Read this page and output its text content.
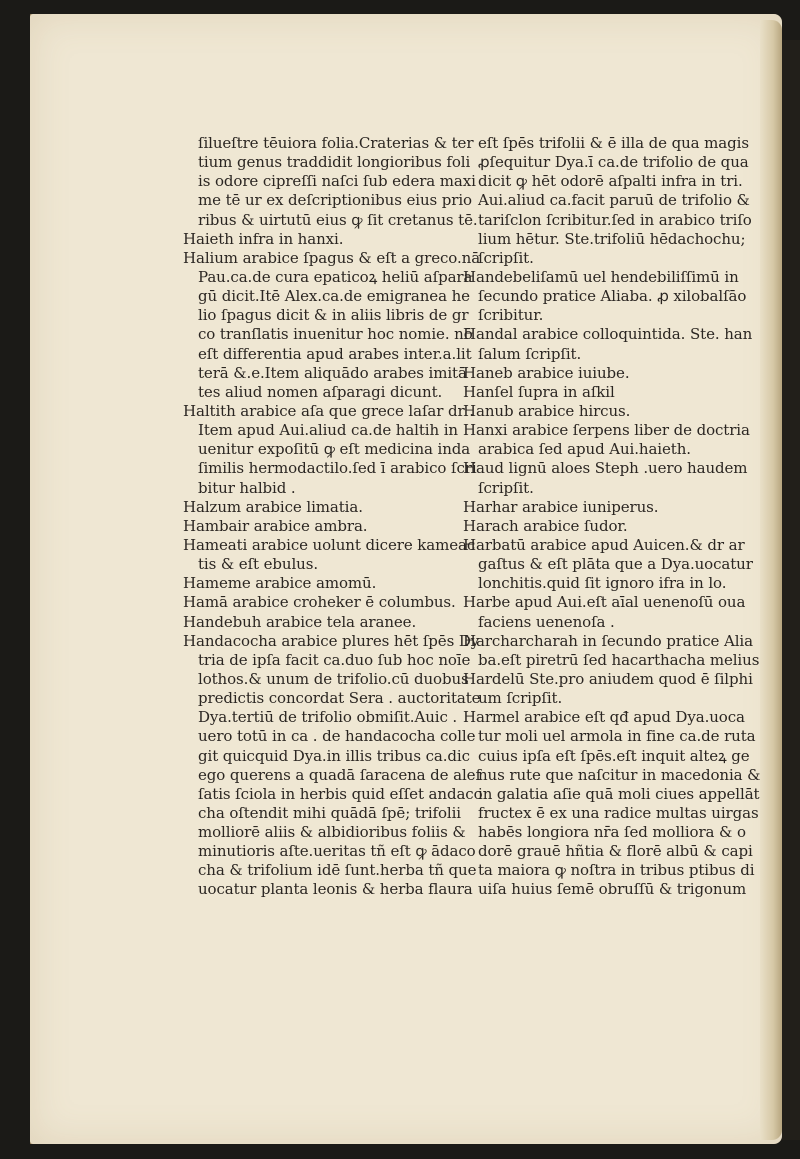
ſilueſtre tēuiora folia.Craterias & ter
tium genus traddidit longioribus foli
is odore cipreſſi naſci ſub edera maxi
me tē ur ex deſcriptionibus eius prio
ribus & uirtutū eius ꝙ ſit cretanus tē.
Haieth infra in hanxi.
Halium arabice ſpagus & eſt a greco.nā
Pau.ca.de cura epaticoꝝ heliū aſpara
gū dicit.Itē Alex.ca.de emigranea he
lio ſpagus dicit & in aliis libris de gr
co tranſlatis inuenitur hoc nomie. nō
eſt differentia apud arabes inter.a.lit
terā &.e.Item aliquādo arabes imitā
tes aliud nomen aſparagi dicunt.
Haltith arabice aſa que grece laſar dr .
Item apud Aui.aliud ca.de haltih in
uenitur expoſitū ꝙ eſt medicina inda
ſimilis hermodactilo.ſed ī arabico ſcri
bitur halbid .
Halzum arabice limatia.
Hambair arabice ambra.
Hameati arabice uolunt dicere kameac
tis & eſt ebulus.
Hameme arabice amomū.
Hamā arabice croheker ē columbus.
Handebuh arabice tela aranee.
Handacocha arabice plures hēt ſpēs Dy
tria de ipſa facit ca.duo ſub hoc noīe
lothos.& unum de trifolio.cū duobus
predictis concordat Sera . auctoritate
Dya.tertiū de trifolio obmiſit.Auic .
uero totū in ca . de handacocha colle
git quicquid Dya.in illis tribus ca.dic
ego querens a quadā ſaracena de alef
ſatis ſciola in herbis quid eſſet andaco
cha oſtendit mihi quādā ſpē; trifolii
molliorē aliis & albidioribus foliis &
minutioris aſte.ueritas tñ eſt ꝙ ādaco
cha & trifolium idē ſunt.herba tñ que
uocatur planta leonis & herba flaura
eſt ſpēs trifolii & ē illa de qua magis
ꝓſequitur Dya.ī ca.de trifolio de qua
dicit ꝙ hēt odorē aſpalti infra in tri.
Aui.aliud ca.facit paruū de trifolio &
tariſclon ſcribitur.ſed in arabico triſo
lium hētur. Ste.trifoliū hēdachochu;
ſcripſit.
Handebeliſamū uel hendebiliſſimū in
ſecundo pratice Aliaba. ꝓ xilobalſāo
ſcribitur.
Handal arabice colloquintida. Ste. han
ſalum ſcripſit.
Haneb arabice iuiube.
Hanſel ſupra in aſkil
Hanub arabice hircus.
Hanxi arabice ſerpens liber de doctria
arabica ſed apud Aui.haieth.
Haud lignū aloes Steph .uero haudem
ſcripſit.
Harhar arabice iuniperus.
Harach arabice ſudor.
Harbatū arabice apud Auicen.& dr ar
gaſtus & eſt plāta que a Dya.uocatur
lonchitis.quid ſit ignoro ifra in lo.
Harbe apud Aui.eſt aīal uenenoſū oua
faciens uenenoſa .
Harcharcharah in ſecundo pratice Alia
ba.eſt piretrū ſed hacarthacha melius
Hardelū Ste.pro aniudem quod ē ſilphi
um ſcripſit.
Harmel arabice eſt qđ apud Dya.uoca
tur moli uel armola in fine ca.de ruta
cuius ipſa eſt ſpēs.eſt inquit alteꝝ ge
nus rute que naſcitur in macedonia &
in galatia aſie quā moli ciues appellāt
fructex ē ex una radice multas uirgas
habēs longiora nr̄a ſed molliora & o
dorē grauē hñtia & florē albū & capi
ta maiora ꝙ noſtra in tribus ptibus di
uiſa huius ſemē obruſſū & trigonum
